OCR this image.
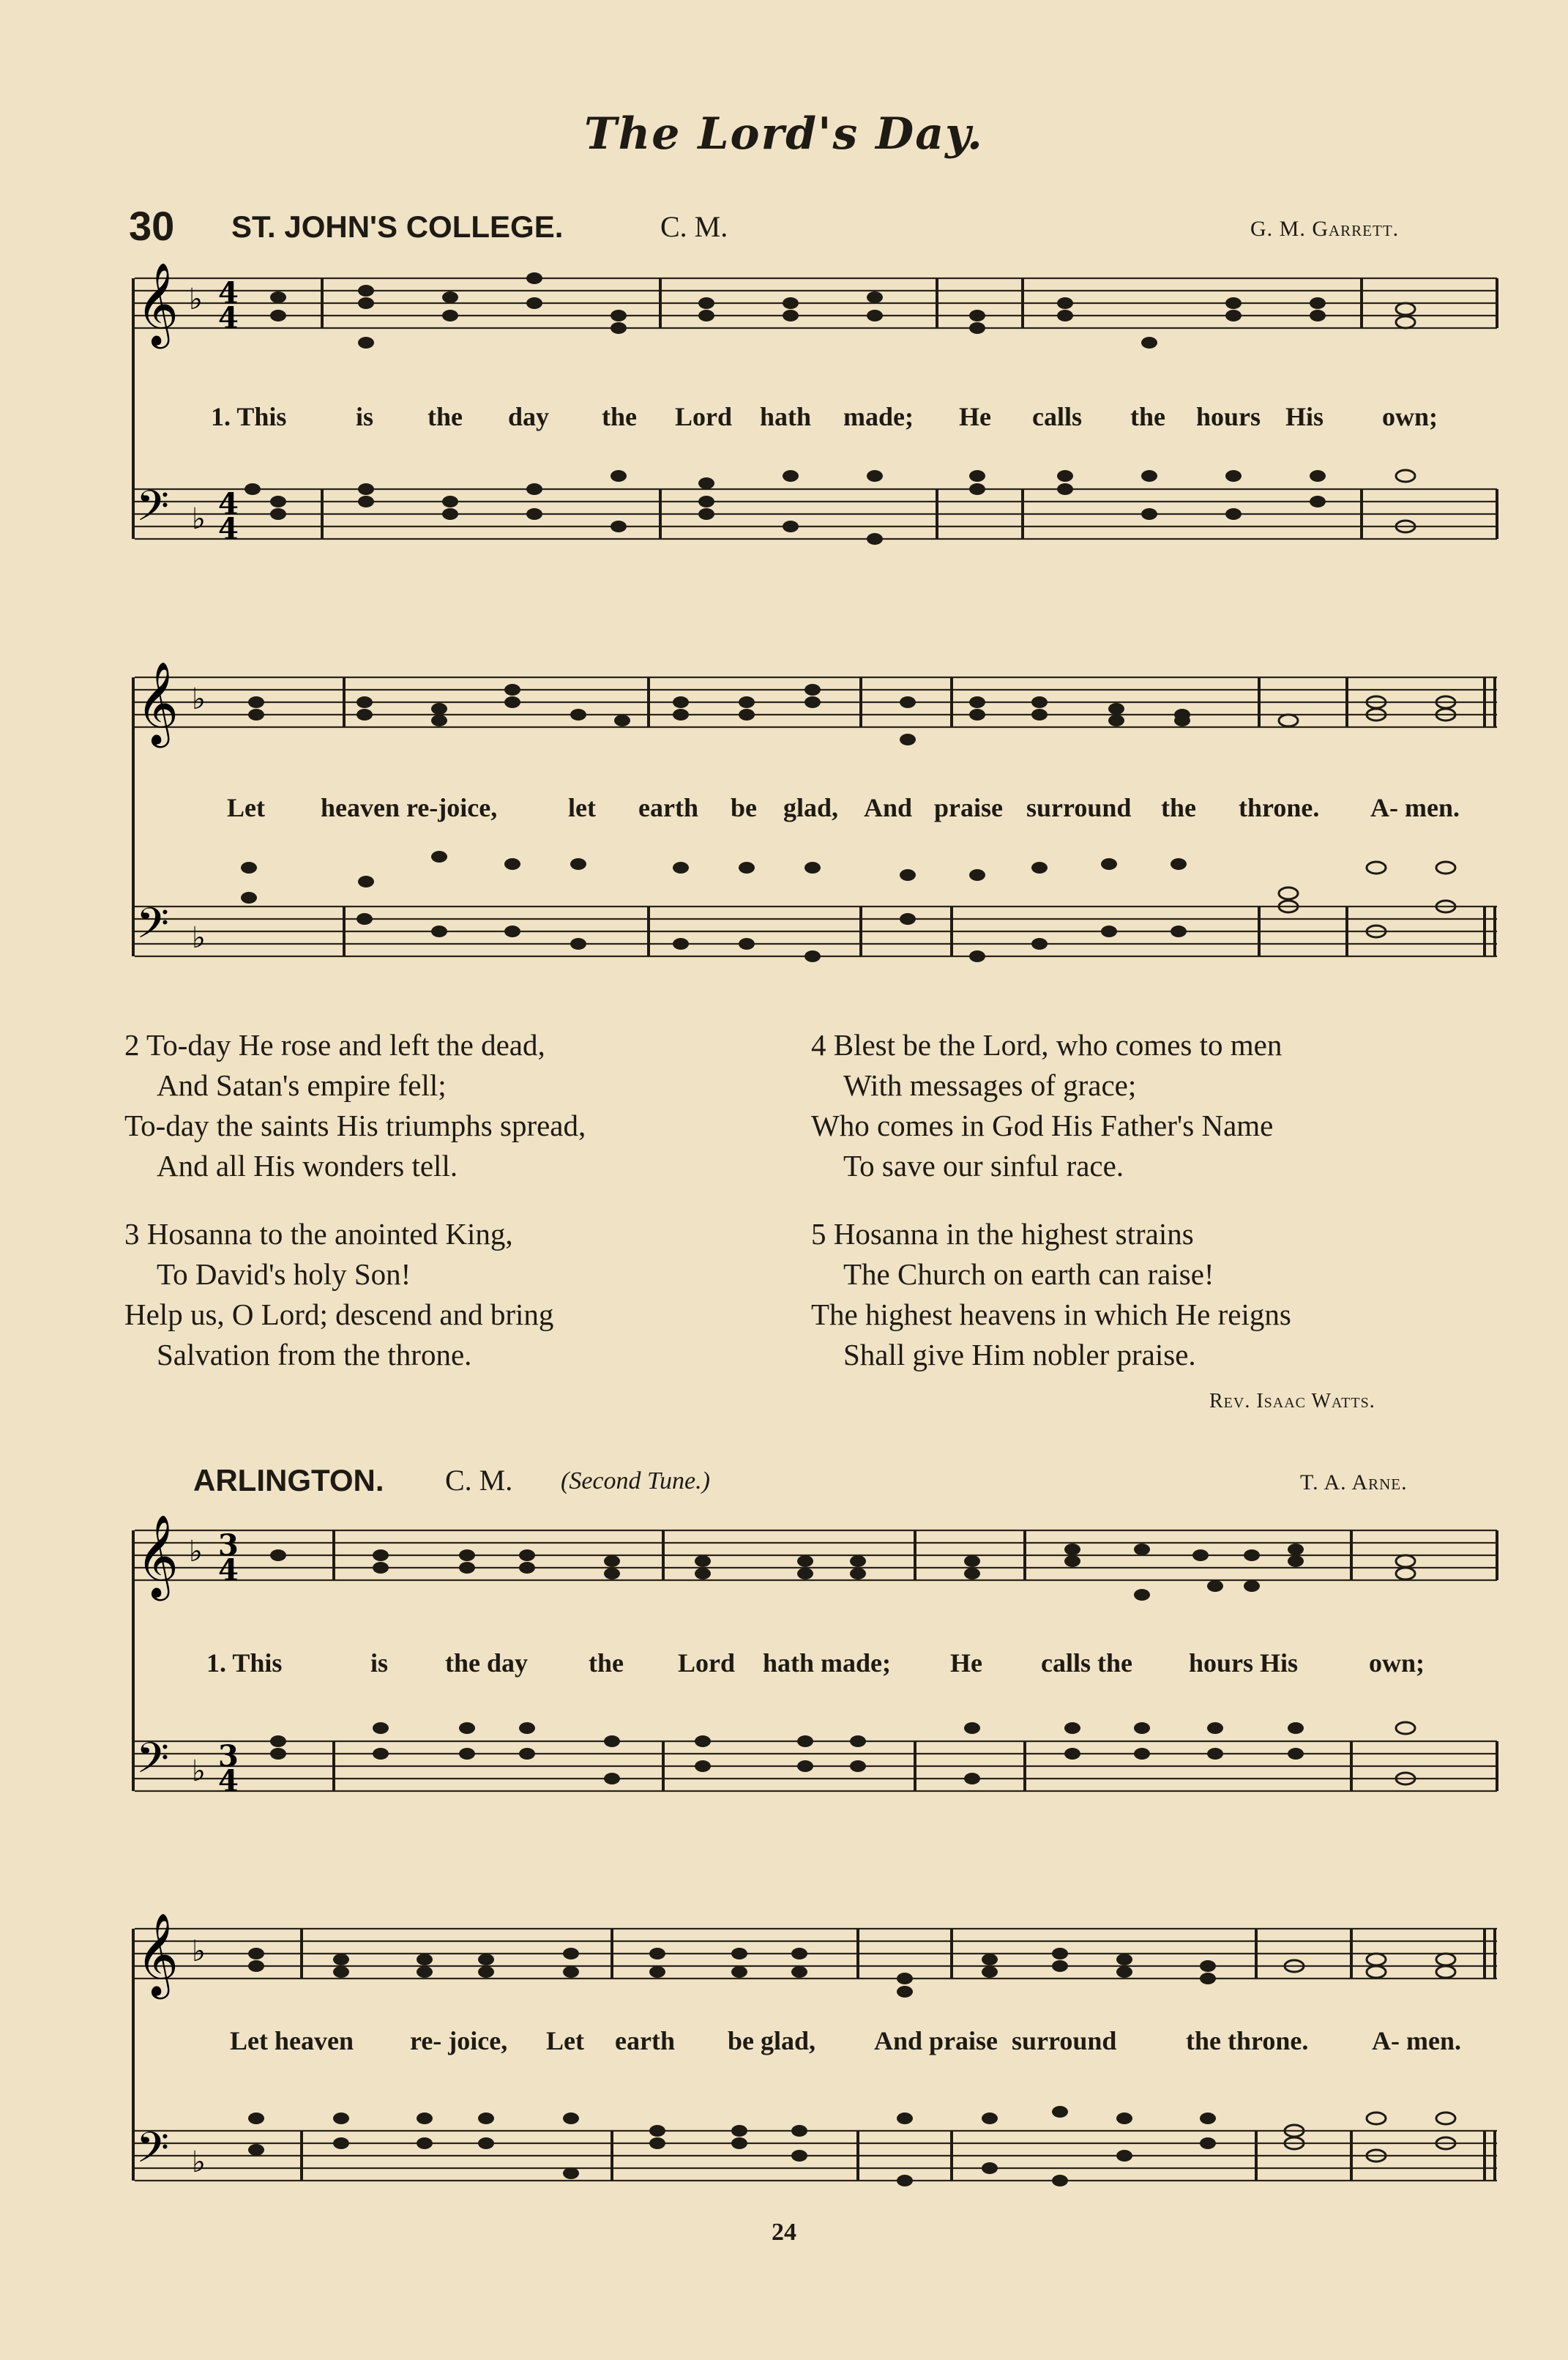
The Lord's Day.
30 ST. JOHN'S COLLEGE.	C. M.	G. M. Garrett.
𝄞 ♭ 4
4
𝄢 ♭ 4
4
1. This	is the day the Lord hath made; He calls the hours His own;
𝄞 ♭
𝄢 ♭
Let heaven re-joice,	let earth be glad, And praise surround the throne. A- men.
2 To-day He rose and left the dead,
And Satan's empire fell;
To-day the saints His triumphs spread,
And all His wonders tell.
3 Hosanna to the anointed King,
To David's holy Son!
Help us, O Lord; descend and bring
Salvation from the throne.
4 Blest be the Lord, who comes to men
With messages of grace;
Who comes in God His Father's Name
To save our sinful race.
5 Hosanna in the highest strains
The Church on earth can raise!
The highest heavens in which He reigns
Shall give Him nobler praise.
Rev. Isaac Watts.
ARLINGTON. C. M. (Second Tune.)	T. A. Arne.
𝄞 ♭ 3
4
𝄢 ♭ 3
4
1. This	is the day the Lord hath made; He calls the hours His	own;
𝄞 ♭
𝄢 ♭
Let heaven re- joice, Let earth be glad, And praise surround	the throne. A- men.
24
